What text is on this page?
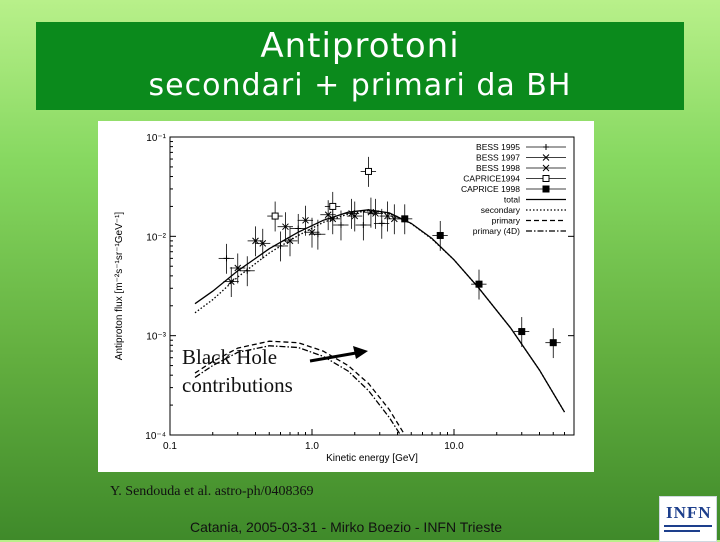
Antiprotoni
secondari + primari da BH
0.1	1.0	10.0
10⁻¹
10⁻²
10⁻³
10⁻⁴
Kinetic energy [GeV]
Antiproton flux [m⁻²s⁻¹sr⁻¹GeV⁻¹]
BESS 1995
BESS 1997
BESS 1998
CAPRICE1994
CAPRICE 1998
total
secondary
primary
primary (4D)
Black Hole
contributions
Y. Sendouda et al. astro-ph/0408369
Catania, 2005-03-31 - Mirko Boezio - INFN Trieste
INFN
